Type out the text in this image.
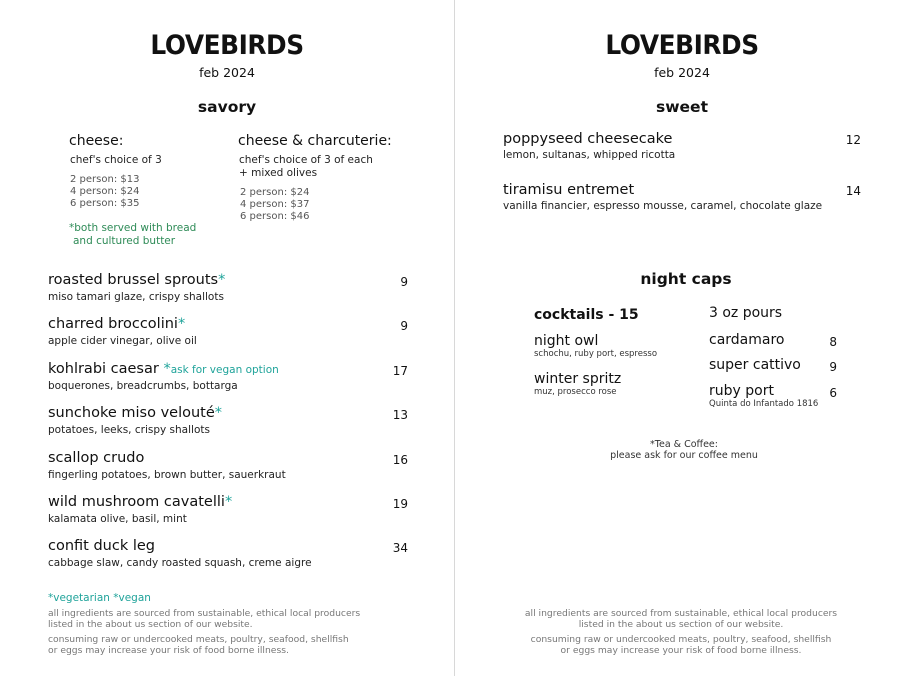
LOVEBIRDS
feb 2024
savory
cheese:
chef's choice of 3
2 person: $13
4 person: $24
6 person: $35
cheese & charcuterie:
chef's choice of 3 of each
+ mixed olives
2 person: $24
4 person: $37
6 person: $46
*both served with bread
and cultured butter
roasted brussel sprouts*
miso tamari glaze, crispy shallots
9
charred broccolini*
apple cider vinegar, olive oil
9
kohlrabi caesar *ask for vegan option
boquerones, breadcrumbs, bottarga
17
sunchoke miso velouté*
potatoes, leeks, crispy shallots
13
scallop crudo
fingerling potatoes, brown butter, sauerkraut
16
wild mushroom cavatelli*
kalamata olive, basil, mint
19
confit duck leg
cabbage slaw, candy roasted squash, creme aigre
34
*vegetarian *vegan
all ingredients are sourced from sustainable, ethical local producers
listed in the about us section of our website.
consuming raw or undercooked meats, poultry, seafood, shellfish
or eggs may increase your risk of food borne illness.
LOVEBIRDS
feb 2024
sweet
poppyseed cheesecake
lemon, sultanas, whipped ricotta
12
tiramisu entremet
vanilla financier, espresso mousse, caramel, chocolate glaze
14
night caps
cocktails - 15
night owl
schochu, ruby port, espresso
winter spritz
muz, prosecco rose
3 oz pours
cardamaro	8
super cattivo	9
ruby port
Quinta do Infantado 1816
6
*Tea & Coffee:
please ask for our coffee menu
all ingredients are sourced from sustainable, ethical local producers
listed in the about us section of our website.
consuming raw or undercooked meats, poultry, seafood, shellfish
or eggs may increase your risk of food borne illness.
